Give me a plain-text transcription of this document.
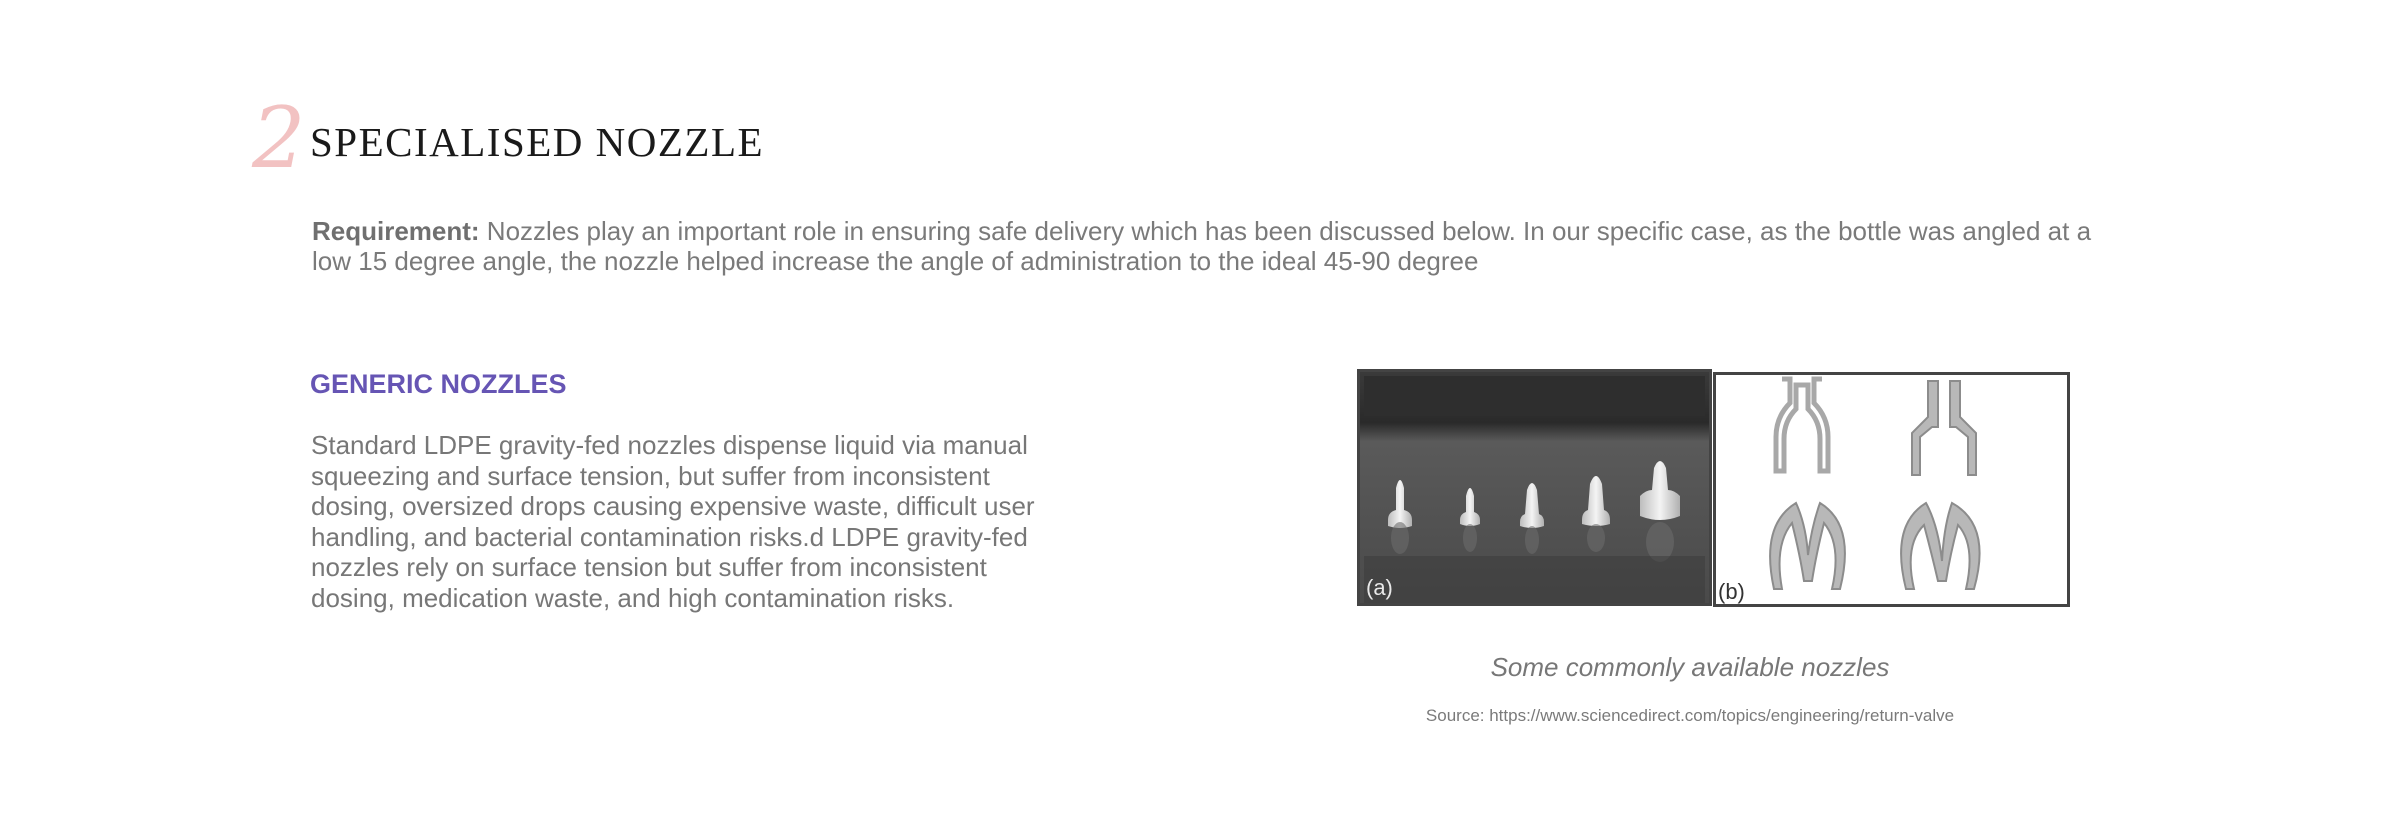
2 SPECIALISED NOZZLE
Requirement: Nozzles play an important role in ensuring safe delivery which has been discussed below. In our specific case, as the bottle was angled at a low 15 degree angle, the nozzle helped increase the angle of administration to the ideal 45-90 degree
GENERIC NOZZLES
Standard LDPE gravity-fed nozzles dispense liquid via manual squeezing and surface tension, but suffer from inconsistent dosing, oversized drops causing expensive waste, difficult user handling, and bacterial contamination risks.d LDPE gravity-fed nozzles rely on surface tension but suffer from inconsistent dosing, medication waste, and high contamination risks.	(a)	(b)
Some commonly available nozzles
Source: https://www.sciencedirect.com/topics/engineering/return-valve
